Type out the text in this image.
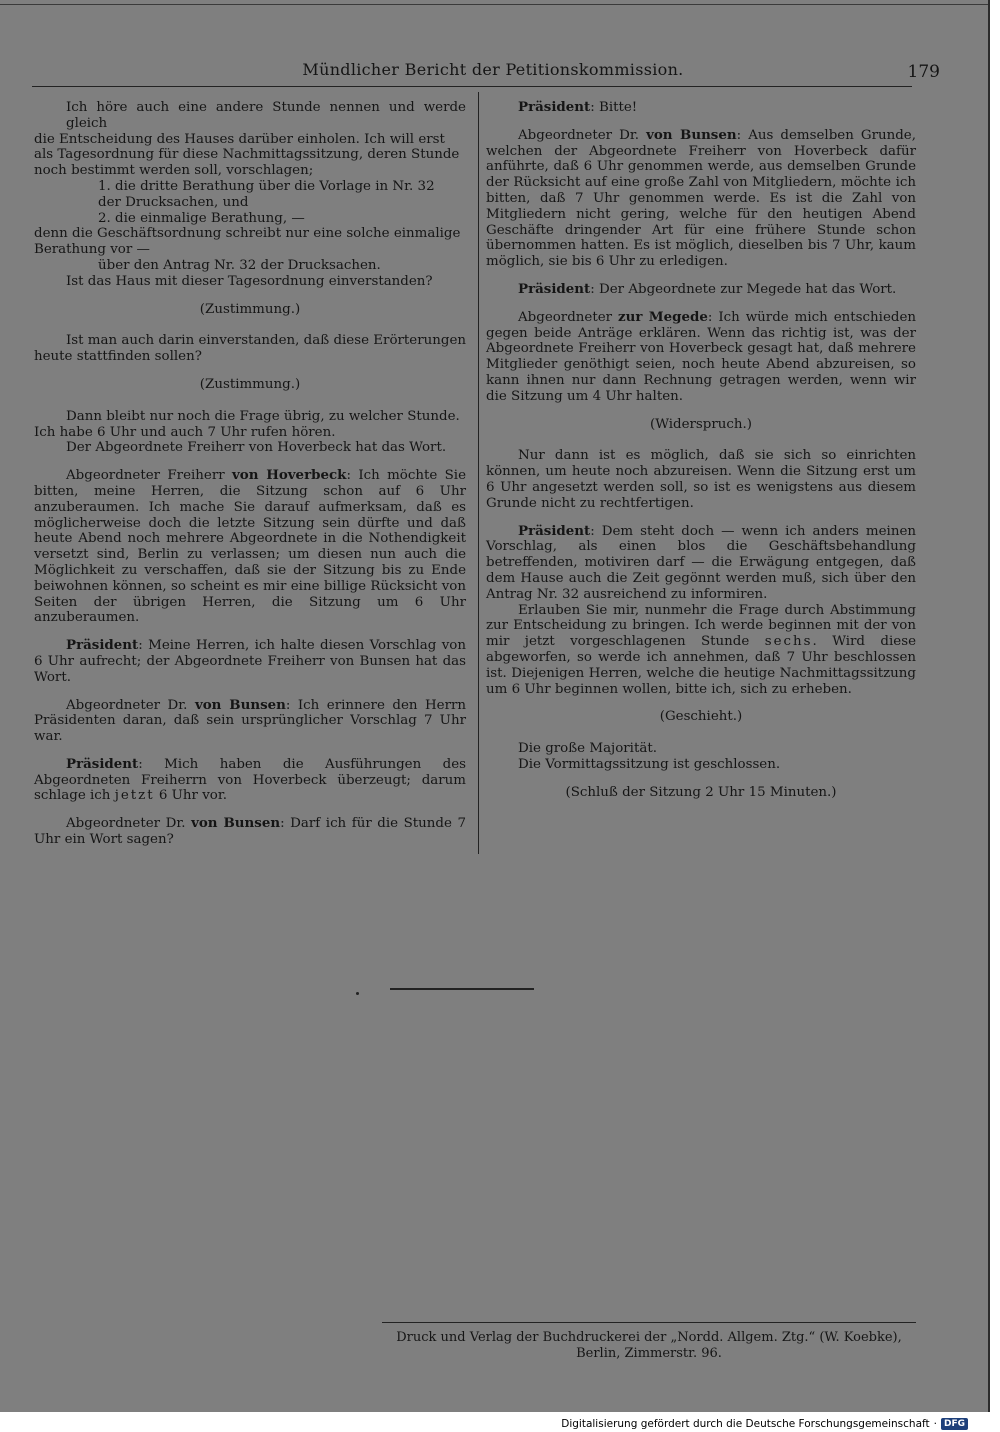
Mündlicher Bericht der Petitionskommission.	179

Ich höre auch eine andere Stunde nennen und werde gleich

die Entscheidung des Hauses darüber einholen. Ich will erst

als Tagesordnung für diese Nachmittagssitzung, deren Stunde

noch bestimmt werden soll, vorschlagen;

1. die dritte Berathung über die Vorlage in Nr. 32

der Drucksachen, und

2. die einmalige Berathung, —

denn die Geschäftsordnung schreibt nur eine solche einmalige

Berathung vor —

über den Antrag Nr. 32 der Drucksachen.

Ist das Haus mit dieser Tagesordnung einverstanden?

(Zustimmung.)

Ist man auch darin einverstanden, daß diese Erörterungen

heute stattfinden sollen?

(Zustimmung.)

Dann bleibt nur noch die Frage übrig, zu welcher Stunde.

Ich habe 6 Uhr und auch 7 Uhr rufen hören.

Der Abgeordnete Freiherr von Hoverbeck hat das Wort.

Abgeordneter Freiherr von Hoverbeck: Ich möchte Sie bitten, meine Herren, die Sitzung schon auf 6 Uhr anzuberaumen. Ich mache Sie darauf aufmerksam, daß es möglicherweise doch die letzte Sitzung sein dürfte und daß heute Abend noch mehrere Abgeordnete in die Nothendigkeit versetzt sind, Berlin zu verlassen; um diesen nun auch die Möglichkeit zu verschaffen, daß sie der Sitzung bis zu Ende beiwohnen können, so scheint es mir eine billige Rücksicht von Seiten der übrigen Herren, die Sitzung um 6 Uhr anzuberaumen.

Präsident: Meine Herren, ich halte diesen Vorschlag von 6 Uhr aufrecht; der Abgeordnete Freiherr von Bunsen hat das Wort.

Abgeordneter Dr. von Bunsen: Ich erinnere den Herrn Präsidenten daran, daß sein ursprünglicher Vorschlag 7 Uhr war.

Präsident: Mich haben die Ausführungen des Abgeordneten Freiherrn von Hoverbeck überzeugt; darum schlage ich jetzt 6 Uhr vor.

Abgeordneter Dr. von Bunsen: Darf ich für die Stunde 7 Uhr ein Wort sagen?

Präsident: Bitte!

Abgeordneter Dr. von Bunsen: Aus demselben Grunde, welchen der Abgeordnete Freiherr von Hoverbeck dafür anführte, daß 6 Uhr genommen werde, aus demselben Grunde der Rücksicht auf eine große Zahl von Mitgliedern, möchte ich bitten, daß 7 Uhr genommen werde. Es ist die Zahl von Mitgliedern nicht gering, welche für den heutigen Abend Geschäfte dringender Art für eine frühere Stunde schon übernommen hatten. Es ist möglich, dieselben bis 7 Uhr, kaum möglich, sie bis 6 Uhr zu erledigen.

Präsident: Der Abgeordnete zur Megede hat das Wort.

Abgeordneter zur Megede: Ich würde mich entschieden gegen beide Anträge erklären. Wenn das richtig ist, was der Abgeordnete Freiherr von Hoverbeck gesagt hat, daß mehrere Mitglieder genöthigt seien, noch heute Abend abzureisen, so kann ihnen nur dann Rechnung getragen werden, wenn wir die Sitzung um 4 Uhr halten.

(Widerspruch.)

Nur dann ist es möglich, daß sie sich so einrichten können, um heute noch abzureisen. Wenn die Sitzung erst um 6 Uhr angesetzt werden soll, so ist es wenigstens aus diesem Grunde nicht zu rechtfertigen.

Präsident: Dem steht doch — wenn ich anders meinen Vorschlag, als einen blos die Geschäftsbehandlung betreffenden, motiviren darf — die Erwägung entgegen, daß dem Hause auch die Zeit gegönnt werden muß, sich über den Antrag Nr. 32 ausreichend zu informiren.

Erlauben Sie mir, nunmehr die Frage durch Abstimmung zur Entscheidung zu bringen. Ich werde beginnen mit der von mir jetzt vorgeschlagenen Stunde sechs. Wird diese abgeworfen, so werde ich annehmen, daß 7 Uhr beschlossen ist. Diejenigen Herren, welche die heutige Nachmittagssitzung um 6 Uhr beginnen wollen, bitte ich, sich zu erheben.

(Geschieht.)

Die große Majorität.

Die Vormittagssitzung ist geschlossen.

(Schluß der Sitzung 2 Uhr 15 Minuten.)
Druck und Verlag der Buchdruckerei der „Nordd. Allgem. Ztg.“ (W. Koebke),
Berlin, Zimmerstr. 96.
Digitalisierung gefördert durch die Deutsche Forschungsgemeinschaft · DFG
